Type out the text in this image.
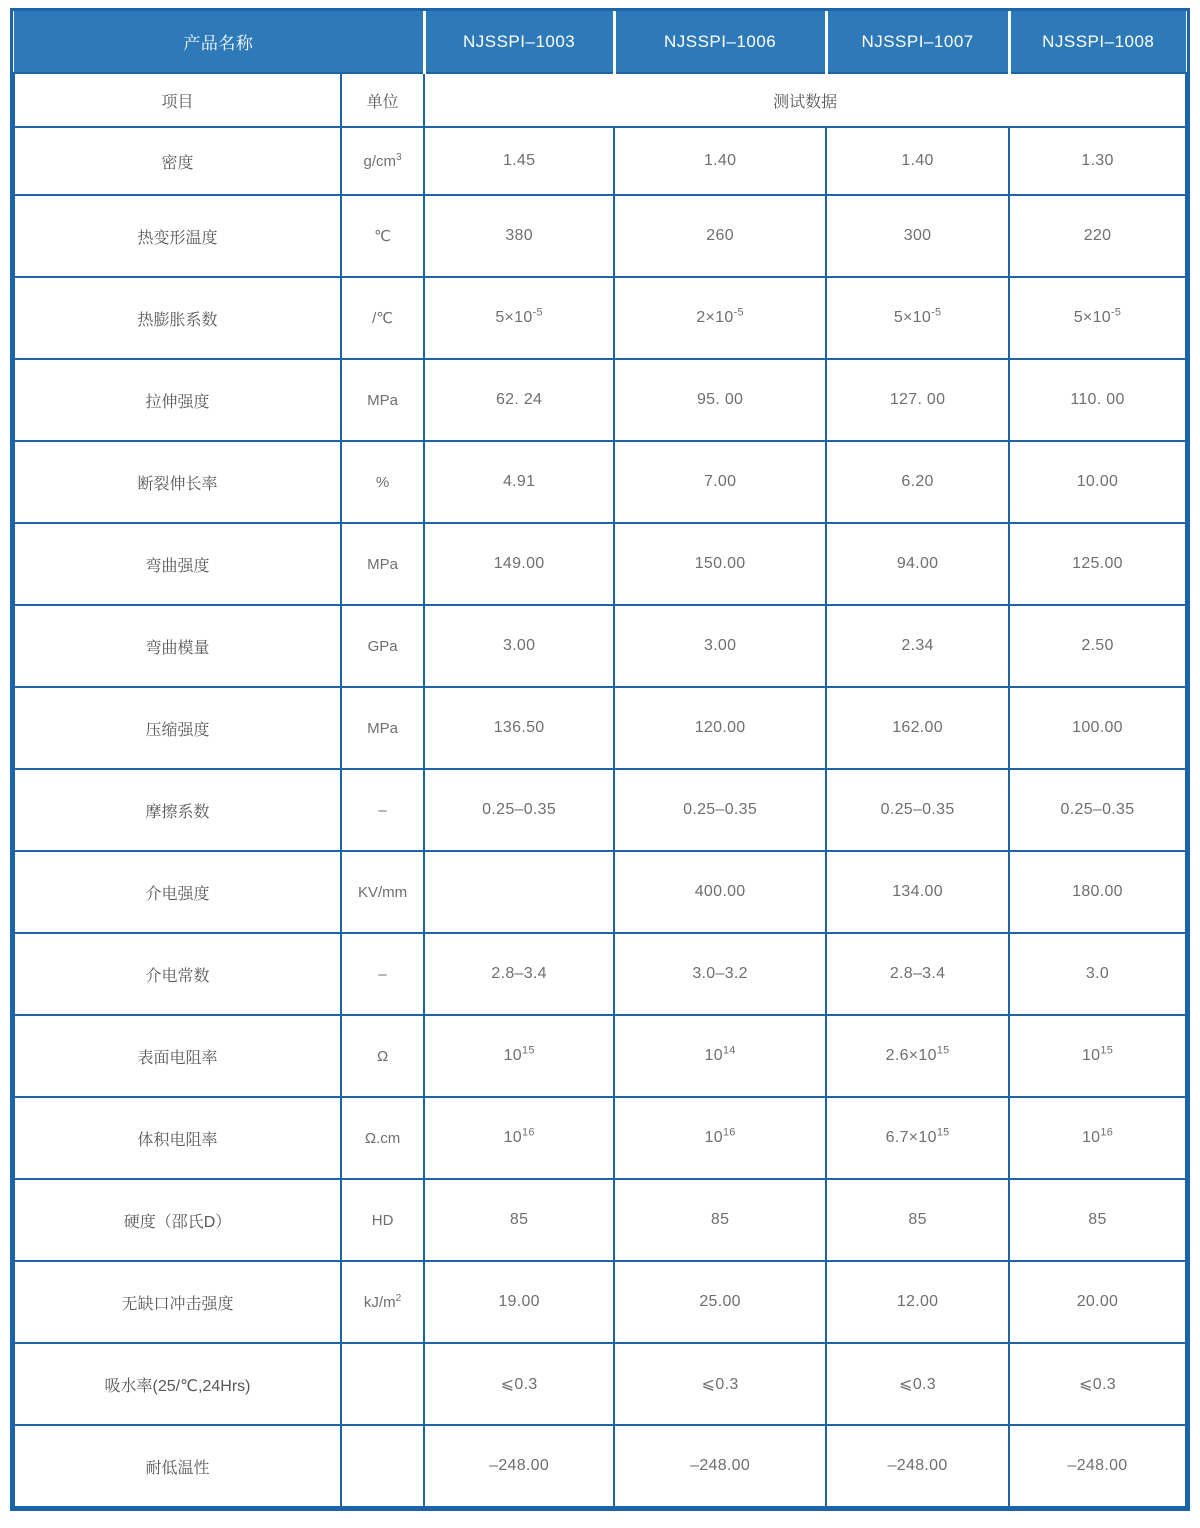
产品名称		NJSSPI–1003	NJSSPI–1006	NJSSPI–1007	NJSSPI–1008
项目	单位	测试数据			
密度	$g/cm^3$	1.45	1.40	1.40	1.30
热变形温度	℃	380	260	300	220
热膨胀系数	/℃	$5\times 10^{-5}$	$2\times 10^{-5}$	$5\times 10^{-5}$	$5\times 10^{-5}$
拉伸强度	MPa	62. 24	95. 00	127. 00	110. 00
断裂伸长率	%	4.91	7.00	6.20	10.00
弯曲强度	MPa	149.00	150.00	94.00	125.00
弯曲模量	GPa	3.00	3.00	2.34	2.50
压缩强度	MPa	136.50	120.00	162.00	100.00
摩擦系数	–	0.25–0.35	0.25–0.35	0.25–0.35	0.25–0.35
介电强度	KV/mm		400.00	134.00	180.00
介电常数	–	2.8–3.4	3.0–3.2	2.8–3.4	3.0
表面电阻率	Ω	$10^{15}$	$10^{14}$	$2.6\times 10^{15}$	$10^{15}$
体积电阻率	Ω.cm	$10^{16}$	$10^{16}$	$6.7\times 10^{15}$	$10^{16}$
硬度（邵氏D）	HD	85	85	85	85
无缺口冲击强度	$kJ/m^2$	19.00	25.00	12.00	20.00
吸水率(25/℃,24Hrs)		⩽0.3	⩽0.3	⩽0.3	⩽0.3
耐低温性		–248.00	–248.00	–248.00	–248.00
